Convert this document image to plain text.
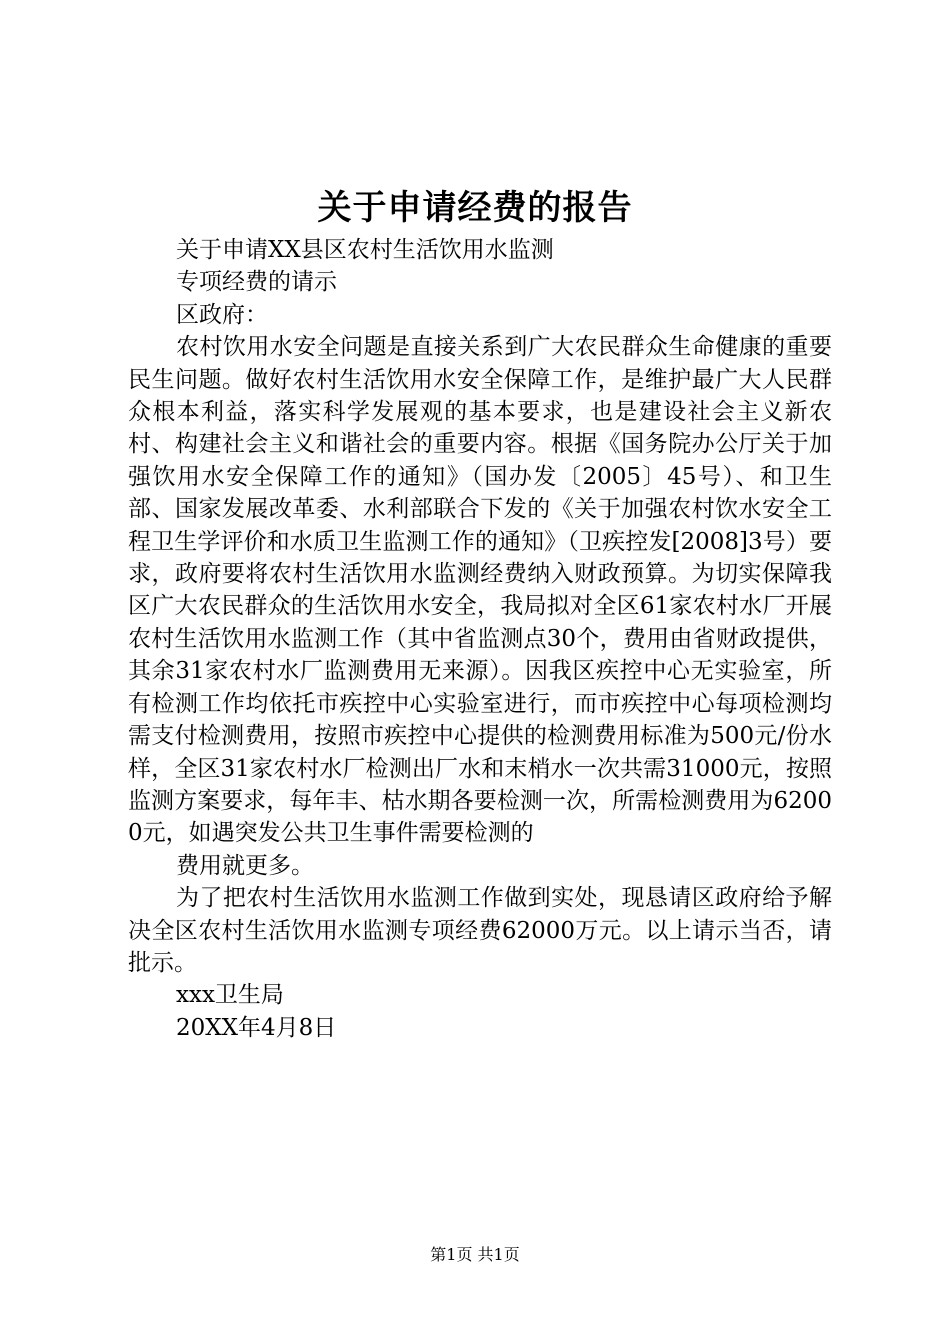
关于申请经费的报告

关于申请XX县区农村生活饮用水监测

专项经费的请示

区政府：

农村饮用水安全问题是直接关系到广大农民群众生命健康的重要民生问题。做好农村生活饮用水安全保障工作，是维护最广大人民群众根本利益，落实科学发展观的基本要求，也是建设社会主义新农村、构建社会主义和谐社会的重要内容。根据《国务院办公厅关于加强饮用水安全保障工作的通知》（国办发〔2005〕45号）、和卫生部、国家发展改革委、水利部联合下发的《关于加强农村饮水安全工程卫生学评价和水质卫生监测工作的通知》（卫疾控发[2008]3号）要求，政府要将农村生活饮用水监测经费纳入财政预算。为切实保障我区广大农民群众的生活饮用水安全，我局拟对全区61家农村水厂开展农村生活饮用水监测工作（其中省监测点30个，费用由省财政提供，其余31家农村水厂监测费用无来源）。因我区疾控中心无实验室，所有检测工作均依托市疾控中心实验室进行，而市疾控中心每项检测均需支付检测费用，按照市疾控中心提供的检测费用标准为500元/份水样，全区31家农村水厂检测出厂水和末梢水一次共需31000元，按照监测方案要求，每年丰、枯水期各要检测一次，所需检测费用为62000元，如遇突发公共卫生事件需要检测的

费用就更多。

为了把农村生活饮用水监测工作做到实处，现恳请区政府给予解决全区农村生活饮用水监测专项经费62000万元。以上请示当否，请批示。

xxx卫生局

20XX年4月8日

第1页 共1页
